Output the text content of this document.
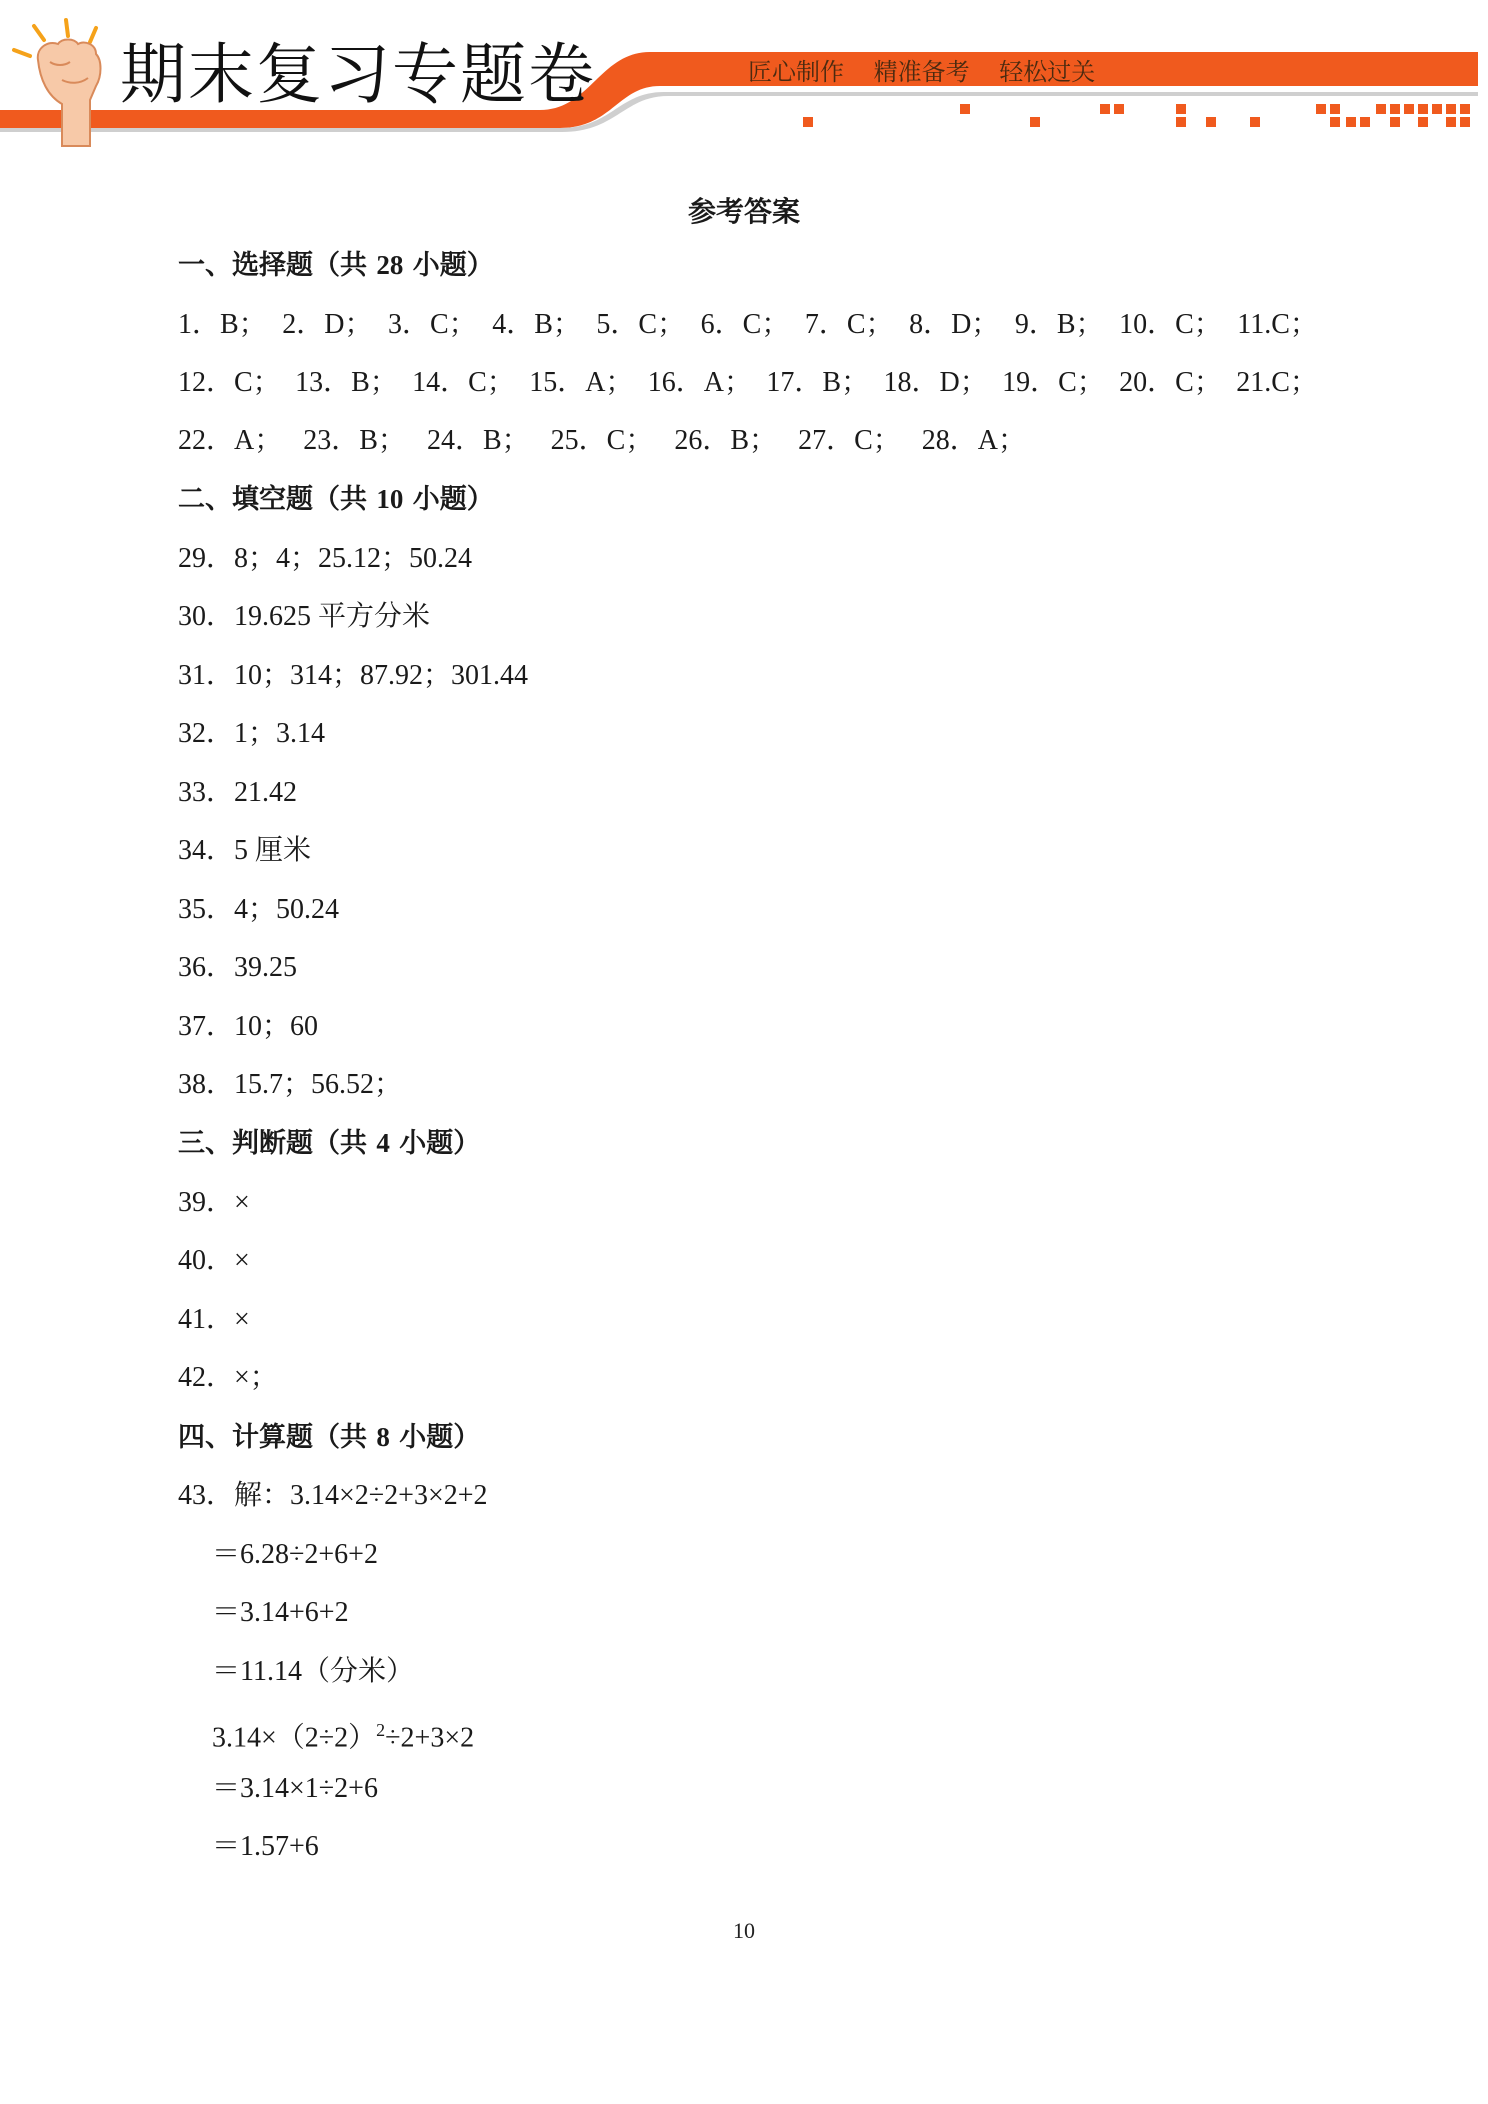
期末复习专题卷	匠心制作 精准备考 轻松过关
参考答案
一、选择题（共 28 小题）
1．B； 2．D； 3．C； 4．B； 5．C； 6．C； 7．C； 8．D； 9．B； 10．C； 11.C；
12．C； 13．B； 14．C； 15．A； 16．A； 17．B； 18．D； 19．C； 20．C； 21.C；
22．A； 23．B； 24．B； 25．C； 26．B； 27．C； 28．A；
二、填空题（共 10 小题）
29．8；4；25.12；50.24
30．19.625 平方分米
31．10；314；87.92；301.44
32．1；3.14
33．21.42
34．5 厘米
35．4；50.24
36．39.25
37．10；60
38．15.7；56.52；
三、判断题（共 4 小题）
39．×
40．×
41．×
42．×；
四、计算题（共 8 小题）
43．解：3.14×2÷2+3×2+2
＝6.28÷2+6+2
＝3.14+6+2
＝11.14（分米）
$3.14\times(2\div 2)^2\div 2+3\times 2$
＝3.14×1÷2+6
＝1.57+6
10
